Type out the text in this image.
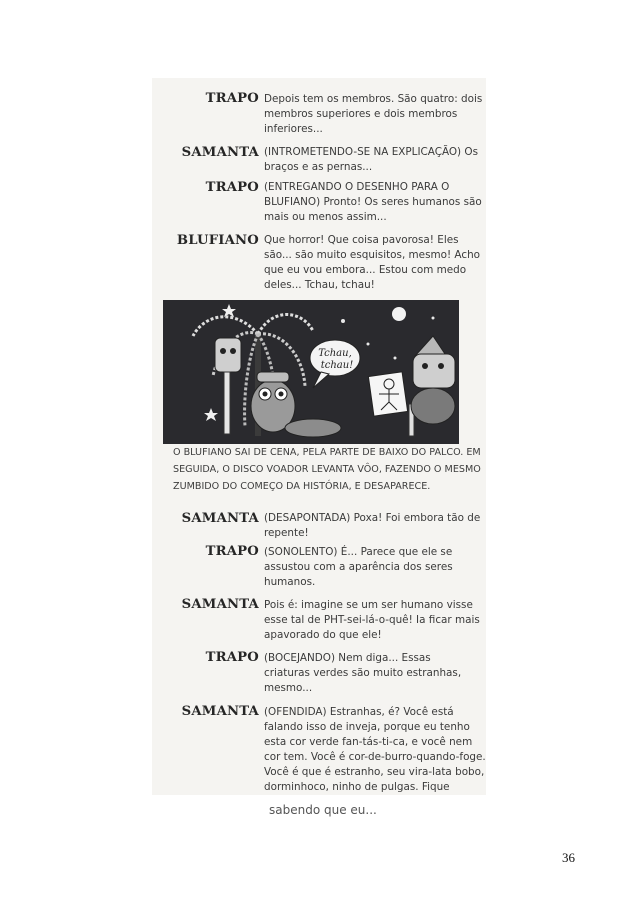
TRAPO Depois tem os membros. São quatro: dois
membros superiores e dois membros
inferiores...
SAMANTA (INTROMETENDO-SE NA EXPLICAÇÃO) Os
braços e as pernas...
TRAPO (ENTREGANDO O DESENHO PARA O
BLUFIANO) Pronto! Os seres humanos são
mais ou menos assim...
BLUFIANO Que horror! Que coisa pavorosa! Eles
são... são muito esquisitos, mesmo! Acho
que eu vou embora... Estou com medo
deles... Tchau, tchau!
Tchau,
tchau!
O BLUFIANO SAI DE CENA, PELA PARTE DE BAIXO DO PALCO. EM
SEGUIDA, O DISCO VOADOR LEVANTA VÔO, FAZENDO O MESMO
ZUMBIDO DO COMEÇO DA HISTÓRIA, E DESAPARECE.
SAMANTA (DESAPONTADA) Poxa! Foi embora tão de
repente!
TRAPO (SONOLENTO) É... Parece que ele se
assustou com a aparência dos seres
humanos.
SAMANTA Pois é: imagine se um ser humano visse
esse tal de PHT-sei-lá-o-quê! Ia ficar mais
apavorado do que ele!
TRAPO (BOCEJANDO) Nem diga... Essas
criaturas verdes são muito estranhas,
mesmo...
SAMANTA (OFENDIDA) Estranhas, é? Você está
falando isso de inveja, porque eu tenho
esta cor verde fan-tás-ti-ca, e você nem
cor tem. Você é cor-de-burro-quando-foge.
Você é que é estranho, seu vira-lata bobo,
dorminhoco, ninho de pulgas. Fique
sabendo que eu...
36
